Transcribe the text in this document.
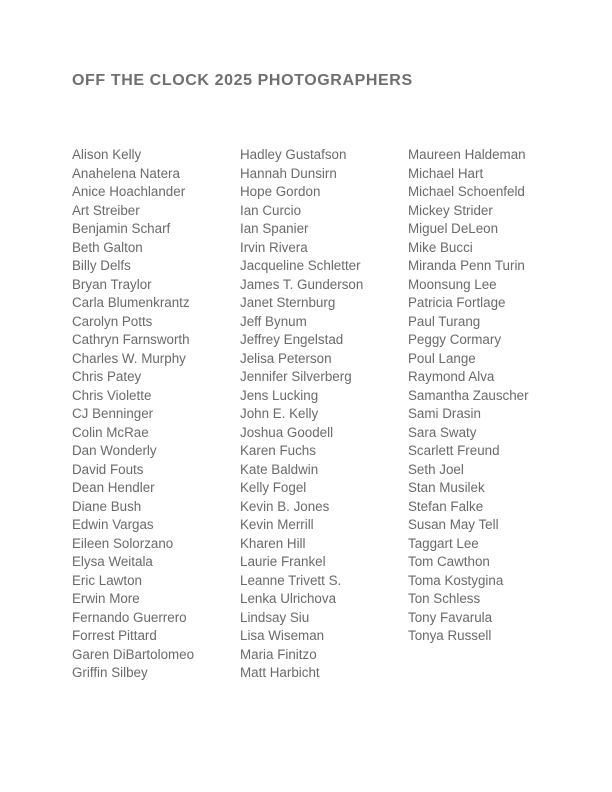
OFF THE CLOCK 2025 PHOTOGRAPHERS
Alison Kelly
Anahelena Natera
Anice Hoachlander
Art Streiber
Benjamin Scharf
Beth Galton
Billy Delfs
Bryan Traylor
Carla Blumenkrantz
Carolyn Potts
Cathryn Farnsworth
Charles W. Murphy
Chris Patey
Chris Violette
CJ Benninger
Colin McRae
Dan Wonderly
David Fouts
Dean Hendler
Diane Bush
Edwin Vargas
Eileen Solorzano
Elysa Weitala
Eric Lawton
Erwin More
Fernando Guerrero
Forrest Pittard
Garen DiBartolomeo
Griffin Silbey
Hadley Gustafson
Hannah Dunsirn
Hope Gordon
Ian Curcio
Ian Spanier
Irvin Rivera
Jacqueline Schletter
James T. Gunderson
Janet Sternburg
Jeff Bynum
Jeffrey Engelstad
Jelisa Peterson
Jennifer Silverberg
Jens Lucking
John E. Kelly
Joshua Goodell
Karen Fuchs
Kate Baldwin
Kelly Fogel
Kevin B. Jones
Kevin Merrill
Kharen Hill
Laurie Frankel
Leanne Trivett S.
Lenka Ulrichova
Lindsay Siu
Lisa Wiseman
Maria Finitzo
Matt Harbicht
Maureen Haldeman
Michael Hart
Michael Schoenfeld
Mickey Strider
Miguel DeLeon
Mike Bucci
Miranda Penn Turin
Moonsung Lee
Patricia Fortlage
Paul Turang
Peggy Cormary
Poul Lange
Raymond Alva
Samantha Zauscher
Sami Drasin
Sara Swaty
Scarlett Freund
Seth Joel
Stan Musilek
Stefan Falke
Susan May Tell
Taggart Lee
Tom Cawthon
Toma Kostygina
Ton Schless
Tony Favarula
Tonya Russell
